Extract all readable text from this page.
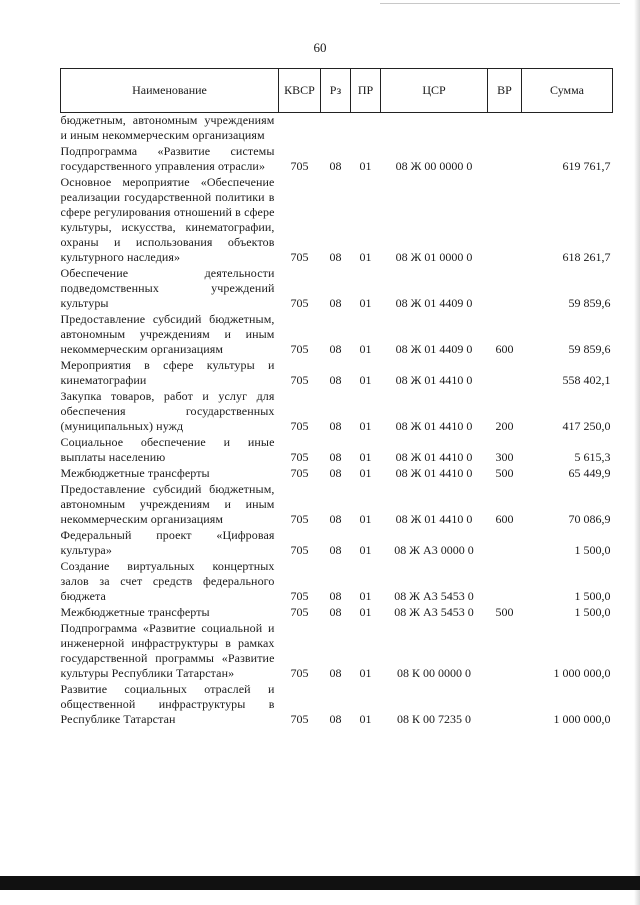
60
Наименование	КВСР	Рз	ПР	ЦСР	ВР	Сумма
бюджетным, автономным учреждениям и иным некоммерческим организациям						
Подпрограмма «Развитие системы государственного управления отрасли»	705	08	01	08 Ж 00 0000 0		619 761,7
Основное мероприятие «Обеспечение реализации государственной политики в сфере регулирования отношений в сфере культуры, искусства, кинематографии, охраны и использования объектов культурного наследия»	705	08	01	08 Ж 01 0000 0		618 261,7
Обеспечение деятельности подведомственных учреждений культуры	705	08	01	08 Ж 01 4409 0		59 859,6
Предоставление субсидий бюджетным, автономным учреждениям и иным некоммерческим организациям	705	08	01	08 Ж 01 4409 0	600	59 859,6
Мероприятия в сфере культуры и кинематографии	705	08	01	08 Ж 01 4410 0		558 402,1
Закупка товаров, работ и услуг для обеспечения государственных (муниципальных) нужд	705	08	01	08 Ж 01 4410 0	200	417 250,0
Социальное обеспечение и иные выплаты населению	705	08	01	08 Ж 01 4410 0	300	5 615,3
Межбюджетные трансферты	705	08	01	08 Ж 01 4410 0	500	65 449,9
Предоставление субсидий бюджетным, автономным учреждениям и иным некоммерческим организациям	705	08	01	08 Ж 01 4410 0	600	70 086,9
Федеральный проект «Цифровая культура»	705	08	01	08 Ж А3 0000 0		1 500,0
Создание виртуальных концертных залов за счет средств федерального бюджета	705	08	01	08 Ж А3 5453 0		1 500,0
Межбюджетные трансферты	705	08	01	08 Ж А3 5453 0	500	1 500,0
Подпрограмма «Развитие социальной и инженерной инфраструктуры в рамках государственной программы «Развитие культуры Республики Татарстан»	705	08	01	08 К 00 0000 0		1 000 000,0
Развитие социальных отраслей и общественной инфраструктуры в Республике Татарстан	705	08	01	08 К 00 7235 0		1 000 000,0
